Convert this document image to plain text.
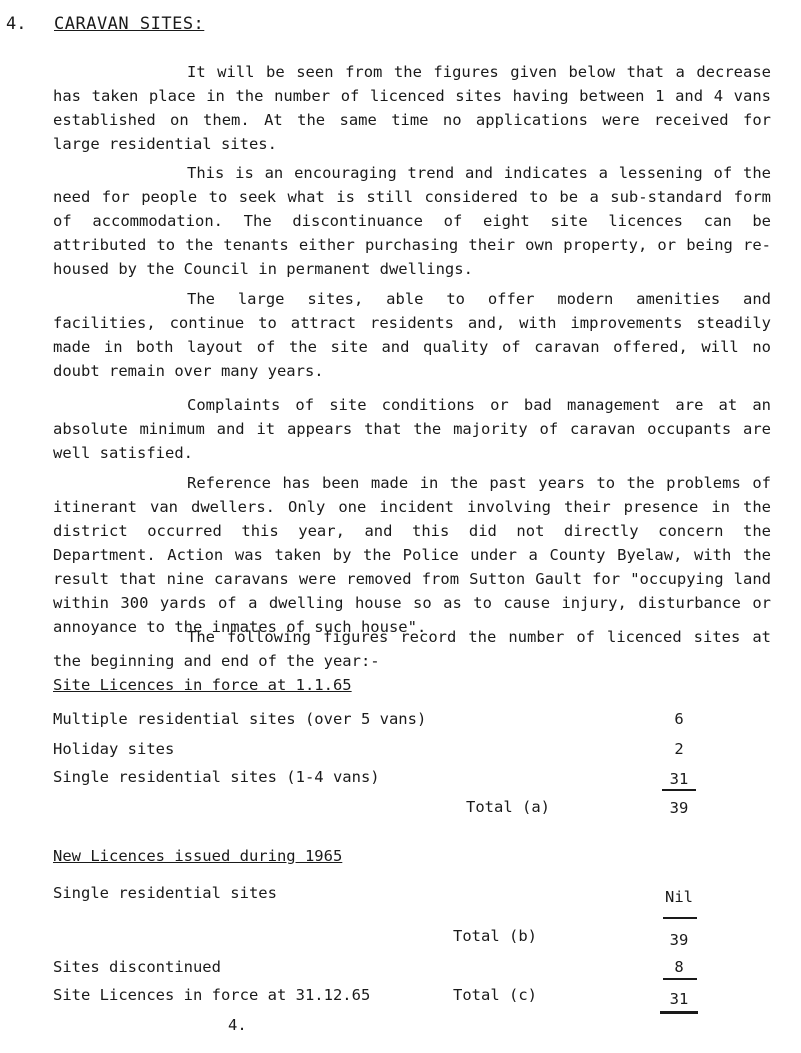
4. CARAVAN SITES:

It will be seen from the figures given below that a decrease has taken place in the number of licenced sites having between 1 and 4 vans established on them. At the same time no applications were received for large residential sites.

This is an encouraging trend and indicates a lessening of the need for people to seek what is still considered to be a sub-standard form of accommodation. The discontinuance of eight site licences can be attributed to the tenants either purchasing their own property, or being re-housed by the Council in permanent dwellings.

The large sites, able to offer modern amenities and facilities, continue to attract residents and, with improvements steadily made in both layout of the site and quality of caravan offered, will no doubt remain over many years.

Complaints of site conditions or bad management are at an absolute minimum and it appears that the majority of caravan occupants are well satisfied.

Reference has been made in the past years to the problems of itinerant van dwellers. Only one incident involving their presence in the district occurred this year, and this did not directly concern the Department. Action was taken by the Police under a County Byelaw, with the result that nine caravans were removed from Sutton Gault for "occupying land within 300 yards of a dwelling house so as to cause injury, disturbance or annoyance to the inmates of such house".

The following figures record the number of licenced sites at the beginning and end of the year:-

Site Licences in force at 1.1.65
Multiple residential sites (over 5 vans)	6
Holiday sites	2
Single residential sites (1-4 vans)	31
Total (a)	39
New Licences issued during 1965
Single residential sites	Nil
Total (b)	39
Sites discontinued	8
Site Licences in force at 31.12.65	Total (c)	31
4.
